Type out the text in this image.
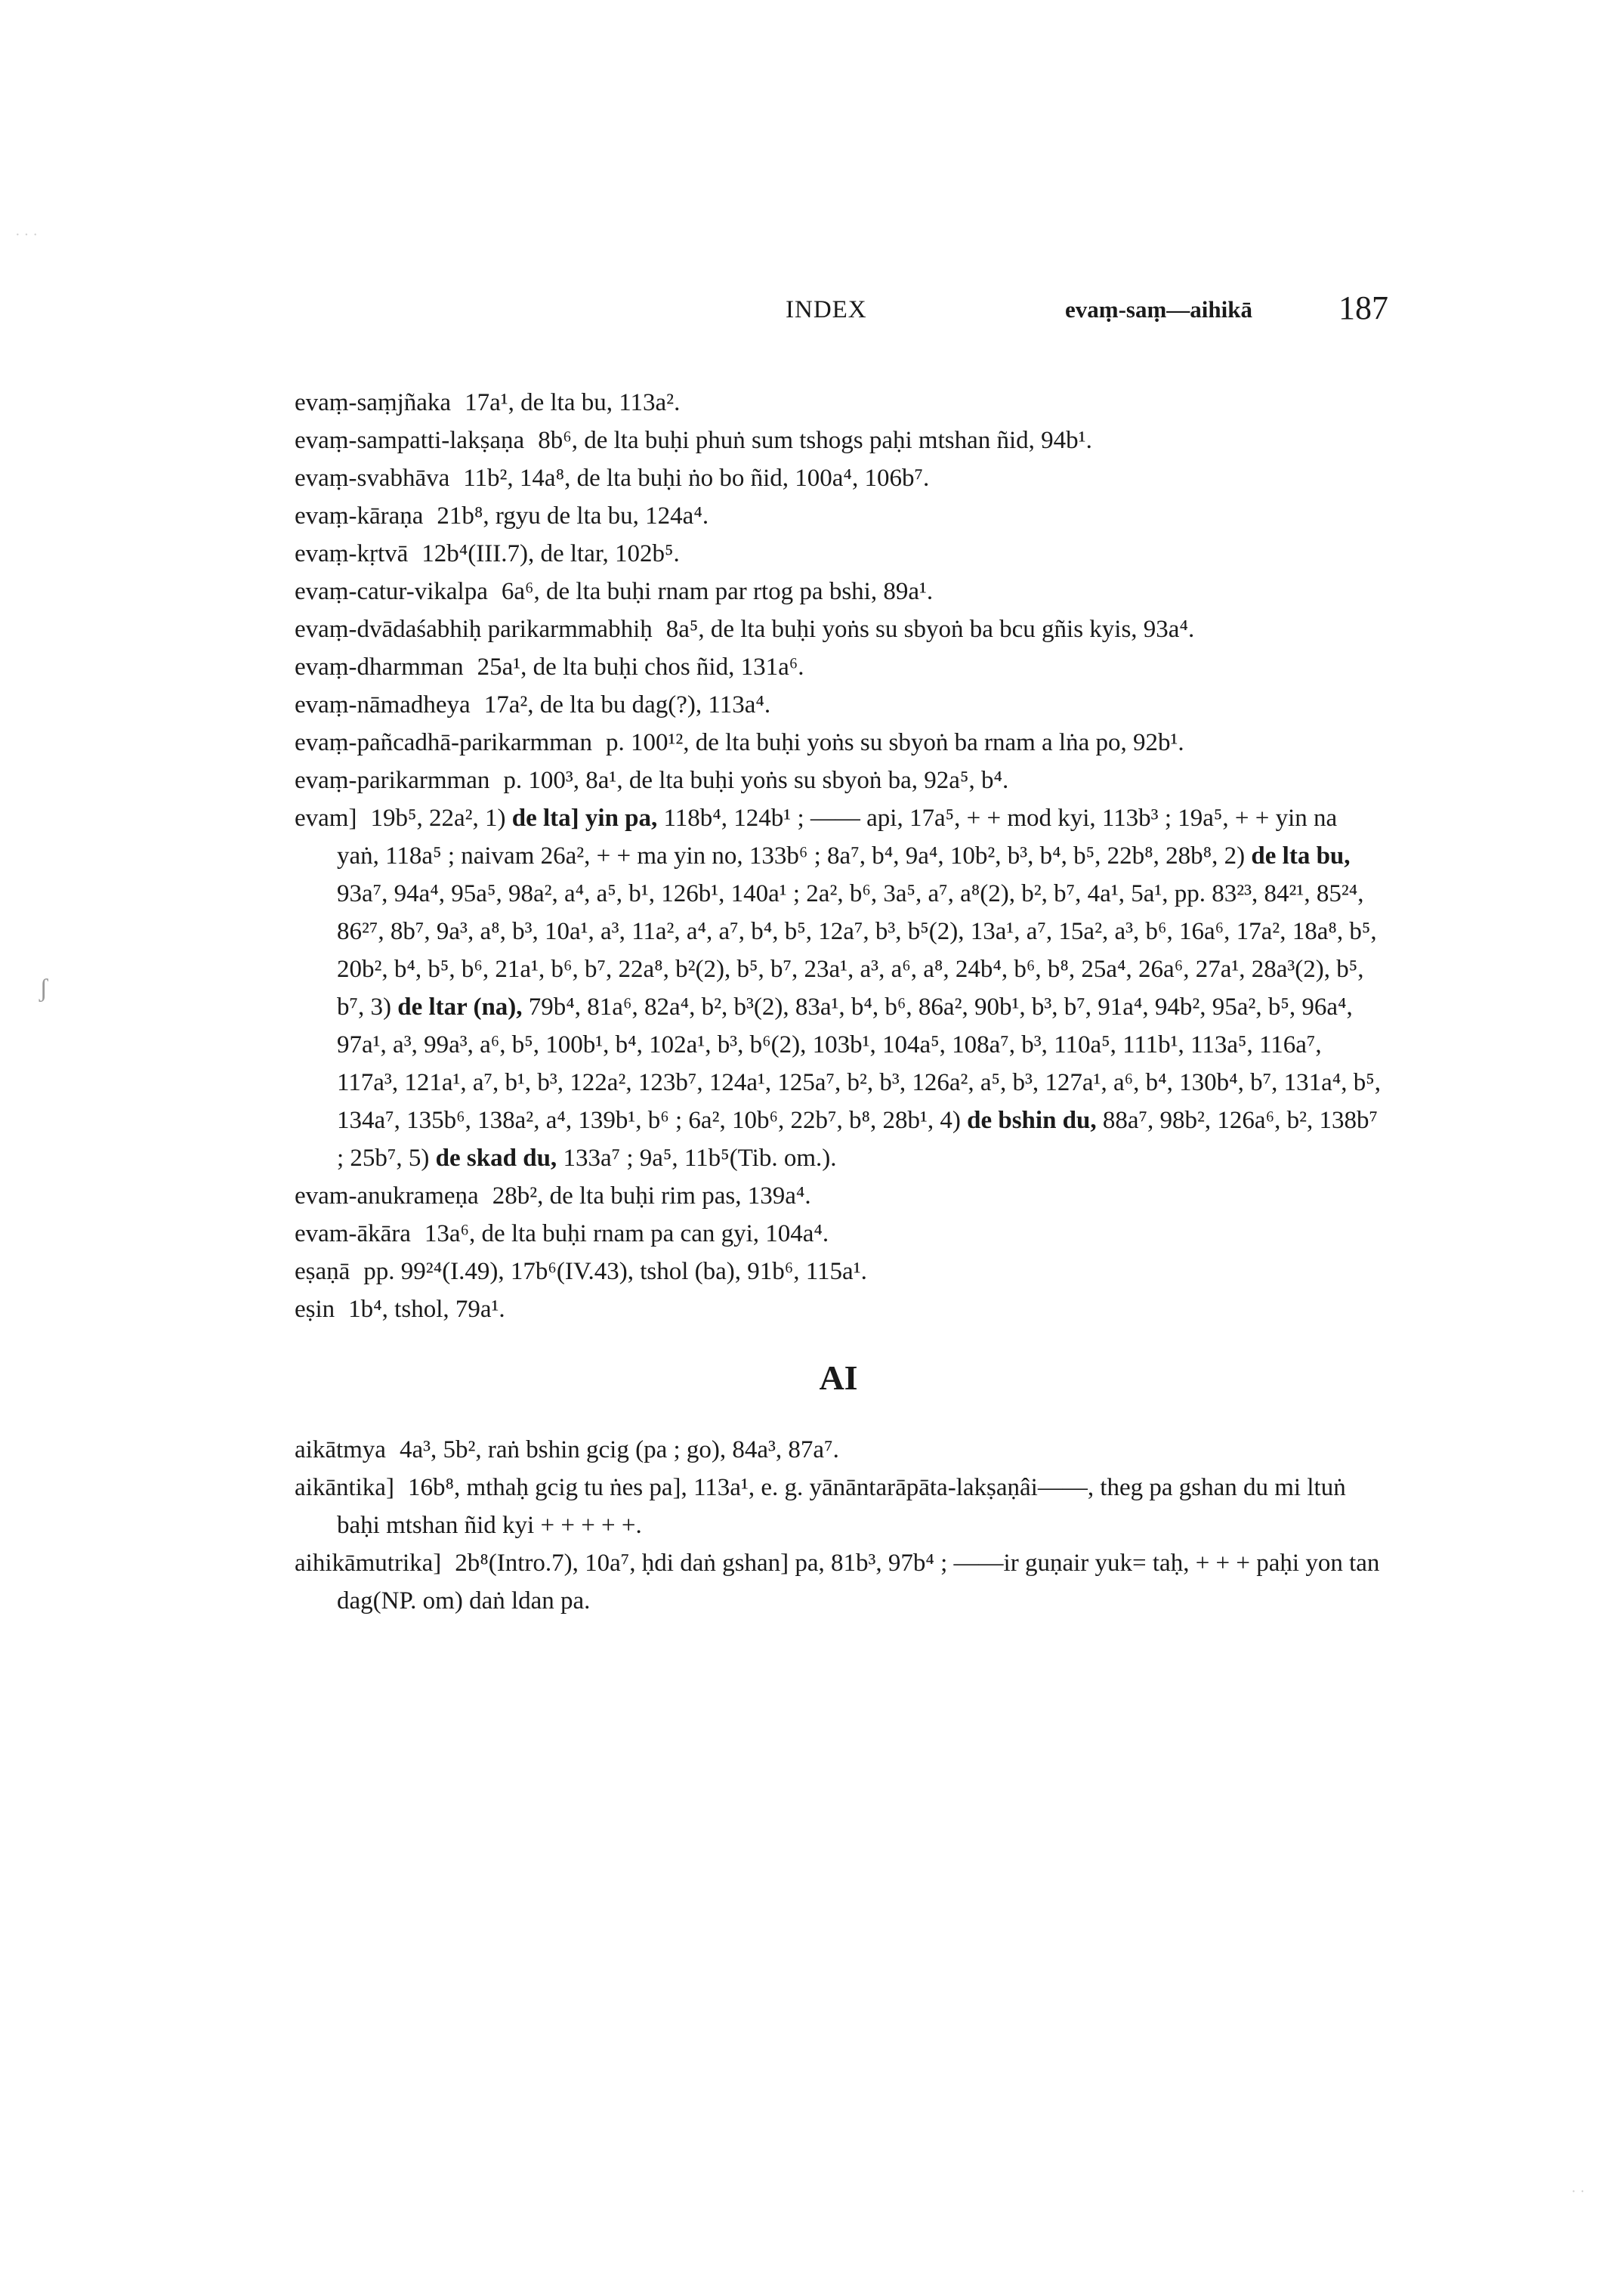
· · ·
ʃ
· ·
INDEX	evaṃ-saṃ—aihikā	187
evaṃ-saṃjñaka 17a¹, de lta bu, 113a².
evaṃ-sampatti-lakṣaṇa 8b⁶, de lta buḥi phuṅ sum tshogs paḥi mtshan ñid, 94b¹.
evaṃ-svabhāva 11b², 14a⁸, de lta buḥi ṅo bo ñid, 100a⁴, 106b⁷.
evaṃ-kāraṇa 21b⁸, rgyu de lta bu, 124a⁴.
evaṃ-kṛtvā 12b⁴(III.7), de ltar, 102b⁵.
evaṃ-catur-vikalpa 6a⁶, de lta buḥi rnam par rtog pa bshi, 89a¹.
evaṃ-dvādaśabhiḥ parikarmmabhiḥ 8a⁵, de lta buḥi yoṅs su sbyoṅ ba bcu gñis kyis, 93a⁴.
evaṃ-dharmman 25a¹, de lta buḥi chos ñid, 131a⁶.
evaṃ-nāmadheya 17a², de lta bu dag(?), 113a⁴.
evaṃ-pañcadhā-parikarmman p. 100¹², de lta buḥi yoṅs su sbyoṅ ba rnam a lṅa po, 92b¹.
evaṃ-parikarmman p. 100³, 8a¹, de lta buḥi yoṅs su sbyoṅ ba, 92a⁵, b⁴.
evam] 19b⁵, 22a², 1) de lta] yin pa, 118b⁴, 124b¹ ; —— api, 17a⁵, + + mod kyi, 113b³ ; 19a⁵, + + yin na yaṅ, 118a⁵ ; naivam 26a², + + ma yin no, 133b⁶ ; 8a⁷, b⁴, 9a⁴, 10b², b³, b⁴, b⁵, 22b⁸, 28b⁸, 2) de lta bu, 93a⁷, 94a⁴, 95a⁵, 98a², a⁴, a⁵, b¹, 126b¹, 140a¹ ; 2a², b⁶, 3a⁵, a⁷, a⁸(2), b², b⁷, 4a¹, 5a¹, pp. 83²³, 84²¹, 85²⁴, 86²⁷, 8b⁷, 9a³, a⁸, b³, 10a¹, a³, 11a², a⁴, a⁷, b⁴, b⁵, 12a⁷, b³, b⁵(2), 13a¹, a⁷, 15a², a³, b⁶, 16a⁶, 17a², 18a⁸, b⁵, 20b², b⁴, b⁵, b⁶, 21a¹, b⁶, b⁷, 22a⁸, b²(2), b⁵, b⁷, 23a¹, a³, a⁶, a⁸, 24b⁴, b⁶, b⁸, 25a⁴, 26a⁶, 27a¹, 28a³(2), b⁵, b⁷, 3) de ltar (na), 79b⁴, 81a⁶, 82a⁴, b², b³(2), 83a¹, b⁴, b⁶, 86a², 90b¹, b³, b⁷, 91a⁴, 94b², 95a², b⁵, 96a⁴, 97a¹, a³, 99a³, a⁶, b⁵, 100b¹, b⁴, 102a¹, b³, b⁶(2), 103b¹, 104a⁵, 108a⁷, b³, 110a⁵, 111b¹, 113a⁵, 116a⁷, 117a³, 121a¹, a⁷, b¹, b³, 122a², 123b⁷, 124a¹, 125a⁷, b², b³, 126a², a⁵, b³, 127a¹, a⁶, b⁴, 130b⁴, b⁷, 131a⁴, b⁵, 134a⁷, 135b⁶, 138a², a⁴, 139b¹, b⁶ ; 6a², 10b⁶, 22b⁷, b⁸, 28b¹, 4) de bshin du, 88a⁷, 98b², 126a⁶, b², 138b⁷ ; 25b⁷, 5) de skad du, 133a⁷ ; 9a⁵, 11b⁵(Tib. om.).
evam-anukrameṇa 28b², de lta buḥi rim pas, 139a⁴.
evam-ākāra 13a⁶, de lta buḥi rnam pa can gyi, 104a⁴.
eṣaṇā pp. 99²⁴(I.49), 17b⁶(IV.43), tshol (ba), 91b⁶, 115a¹.
eṣin 1b⁴, tshol, 79a¹.
AI
aikātmya 4a³, 5b², raṅ bshin gcig (pa ; go), 84a³, 87a⁷.
aikāntika] 16b⁸, mthaḥ gcig tu ṅes pa], 113a¹, e. g. yānāntarāpāta-lakṣaṇâi——, theg pa gshan du mi ltuṅ baḥi mtshan ñid kyi + + + + +.
aihikāmutrika] 2b⁸(Intro.7), 10a⁷, ḥdi daṅ gshan] pa, 81b³, 97b⁴ ; ——ir guṇair yuk= taḥ, + + + paḥi yon tan dag(NP. om) daṅ ldan pa.
